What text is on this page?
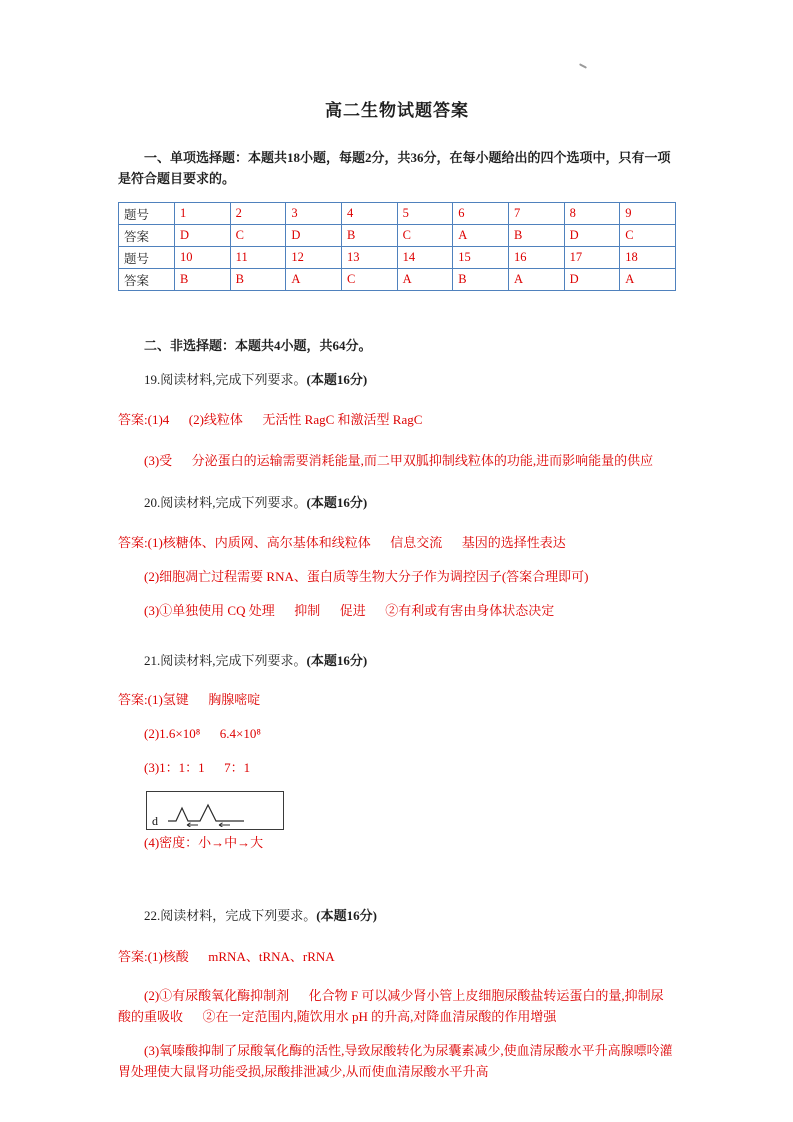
高二生物试题答案

一、单项选择题：本题共18小题，每题2分，共36分，在每小题给出的四个选项中，只有一项是符合题目要求的。

题号	1	2	3	4	5	6	7	8	9
答案	D	C	D	B	C	A	B	D	C
题号	10	11	12	13	14	15	16	17	18
答案	B	B	A	C	A	B	A	D	A

二、非选择题：本题共4小题，共64分。

19.阅读材料,完成下列要求。(本题16分)

答案:(1)4      (2)线粒体      无活性 RagC 和激活型 RagC

(3)受      分泌蛋白的运输需要消耗能量,而二甲双胍抑制线粒体的功能,进而影响能量的供应

20.阅读材料,完成下列要求。(本题16分)

答案:(1)核糖体、内质网、高尔基体和线粒体      信息交流      基因的选择性表达

(2)细胞凋亡过程需要 RNA、蛋白质等生物大分子作为调控因子(答案合理即可)

(3)①单独使用 CQ 处理      抑制      促进      ②有利或有害由身体状态决定

21.阅读材料,完成下列要求。(本题16分)

答案:(1)氢键      胸腺嘧啶

(2)1.6×10⁸      6.4×10⁸

(3)1：1：1      7：1

d

(4)密度：小→中→大

22.阅读材料，完成下列要求。(本题16分)

答案:(1)核酸      mRNA、tRNA、rRNA

(2)①有尿酸氧化酶抑制剂      化合物 F 可以减少肾小管上皮细胞尿酸盐转运蛋白的量,抑制尿酸的重吸收      ②在一定范围内,随饮用水 pH 的升高,对降血清尿酸的作用增强

(3)氧嗪酸抑制了尿酸氧化酶的活性,导致尿酸转化为尿囊素减少,使血清尿酸水平升高腺嘌呤灌胃处理使大鼠肾功能受损,尿酸排泄减少,从而使血清尿酸水平升高
